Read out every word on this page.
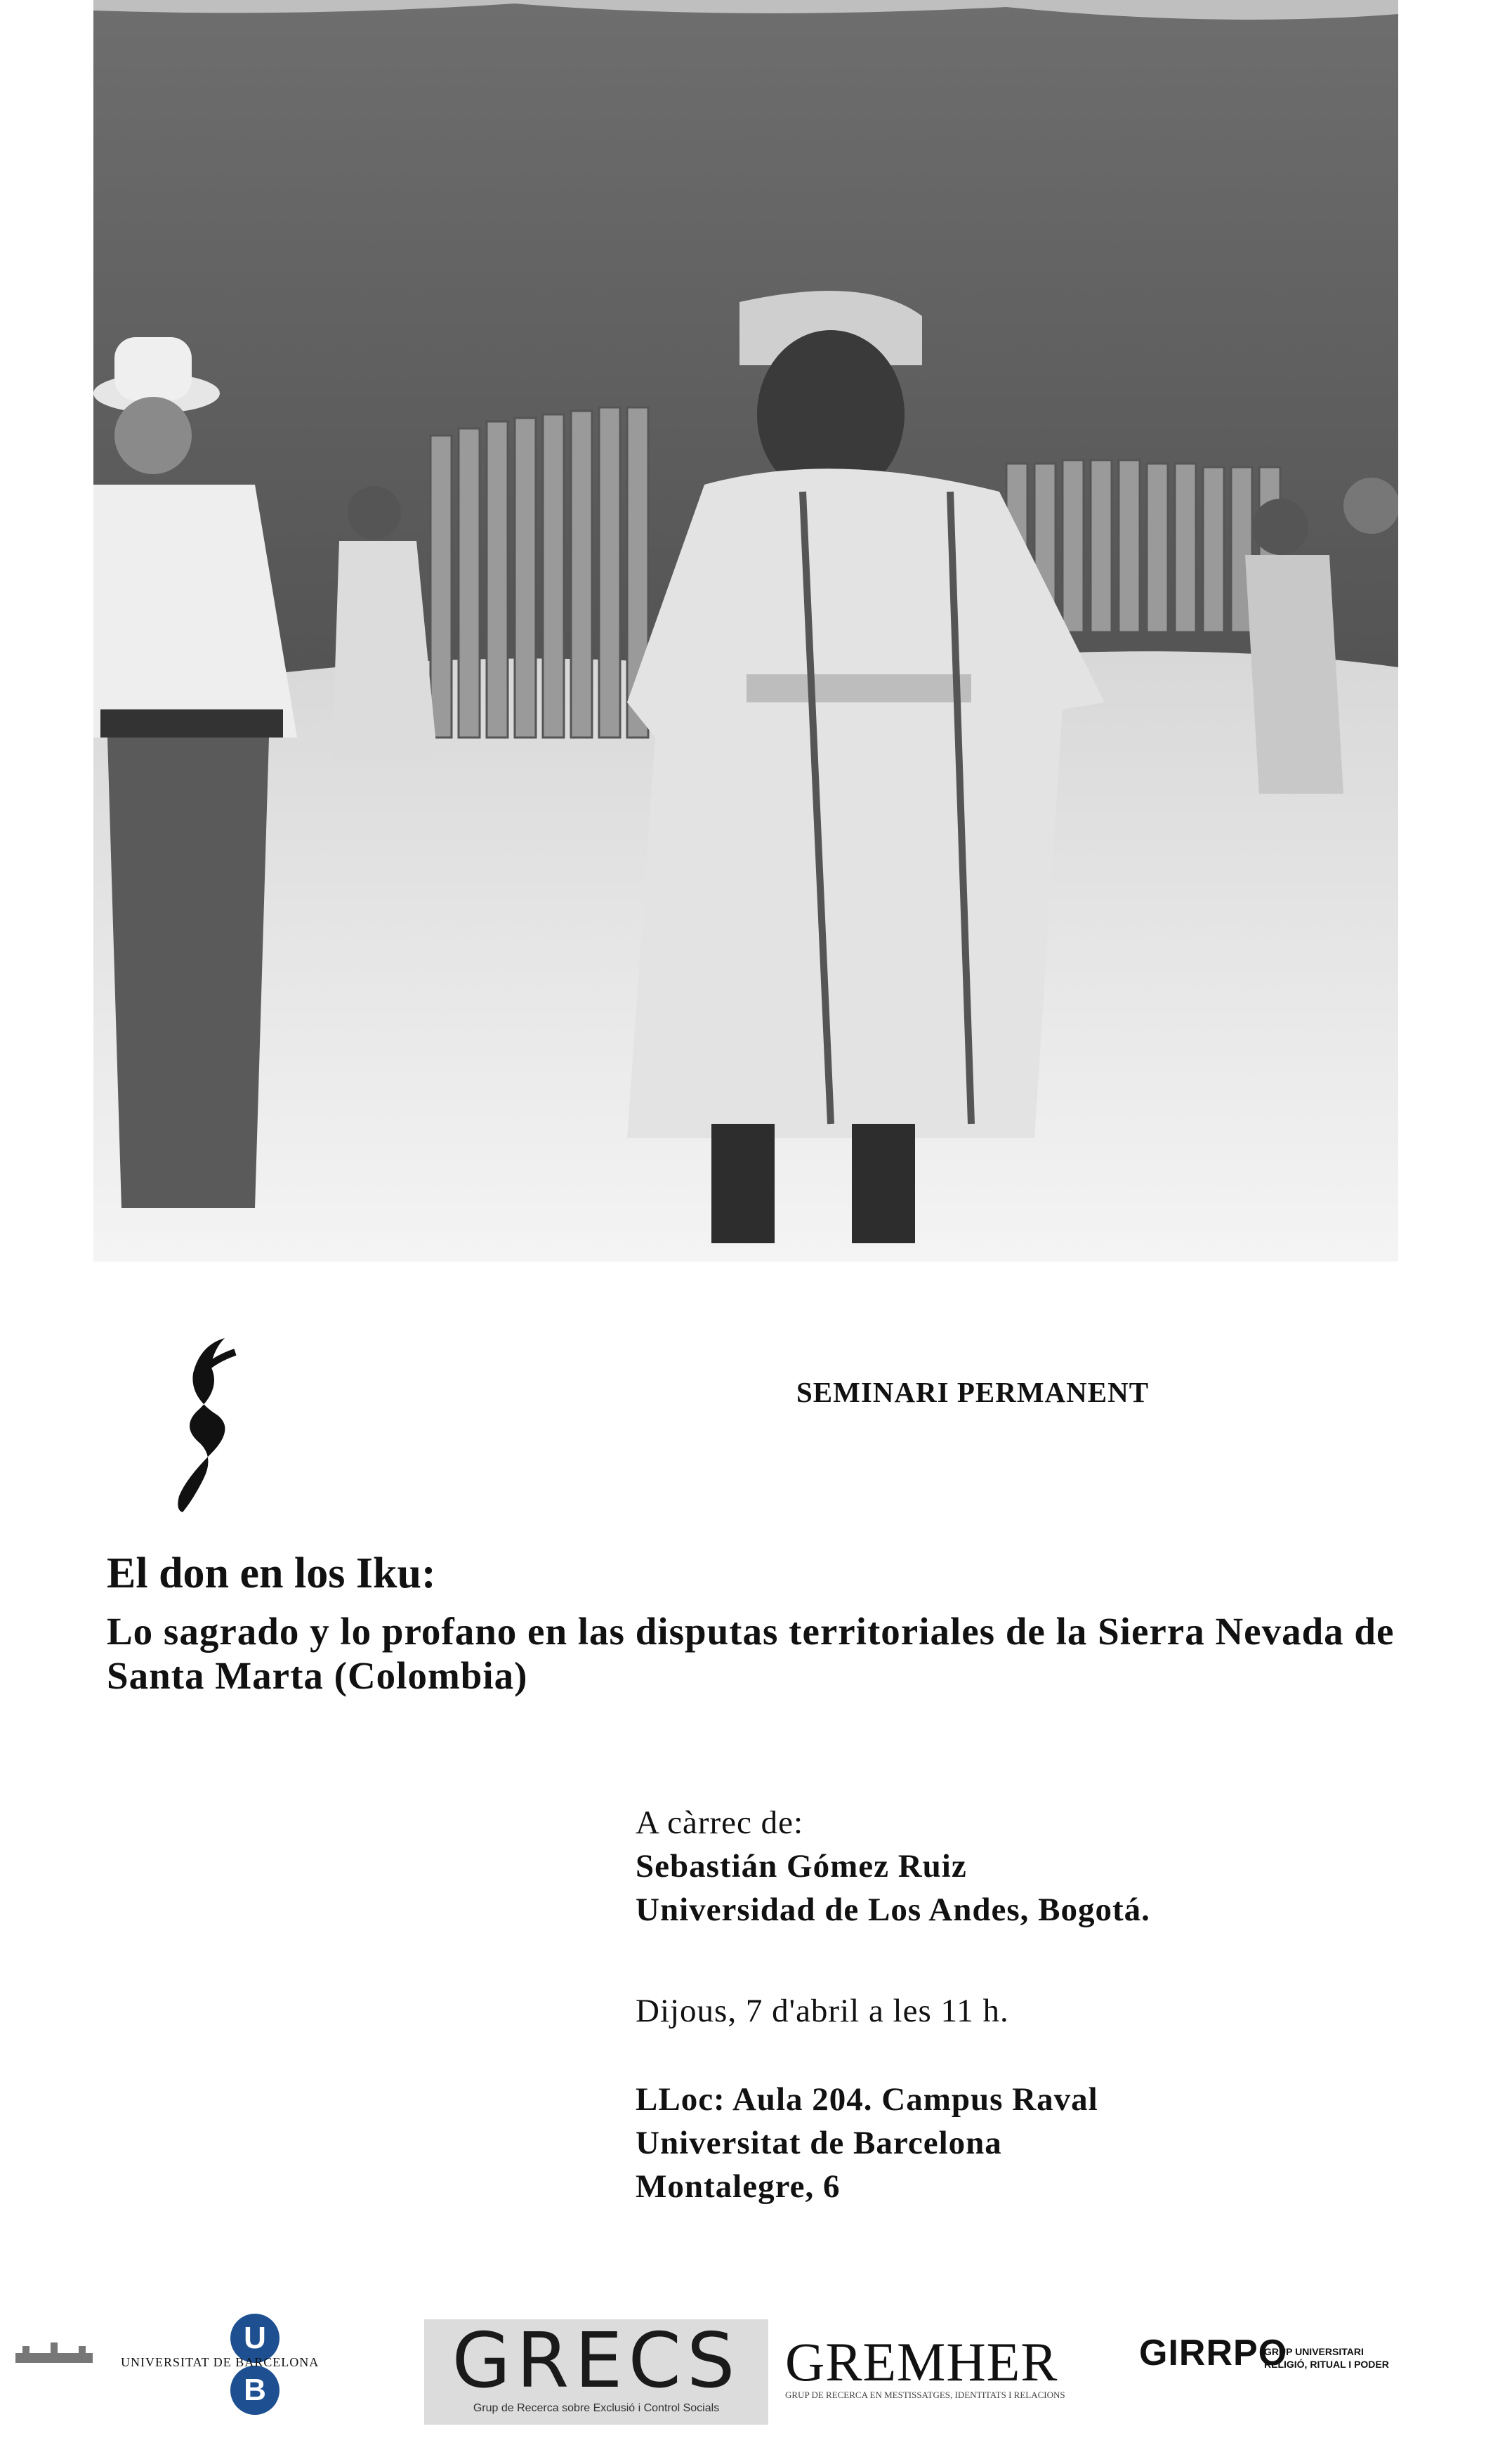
SEMINARI PERMANENT
El don en los Iku:
Lo sagrado y lo profano en las disputas territoriales de la Sierra Nevada de Santa Marta (Colombia)
A càrrec de:
Sebastián Gómez Ruiz
Universidad de Los Andes, Bogotá.
Dijous, 7 d'abril a les 11 h.
LLoc: Aula 204. Campus Raval
Universitat de Barcelona
Montalegre, 6
U
B
UNIVERSITAT DE BARCELONA	GRECS
Grup de Recerca sobre Exclusió i Control Socials
GREMHER
GRUP DE RECERCA EN MESTISSATGES, IDENTITATS I RELACIONS
GIRRPO
GRUP UNIVERSITARI
RELIGIÓ, RITUAL I PODER
